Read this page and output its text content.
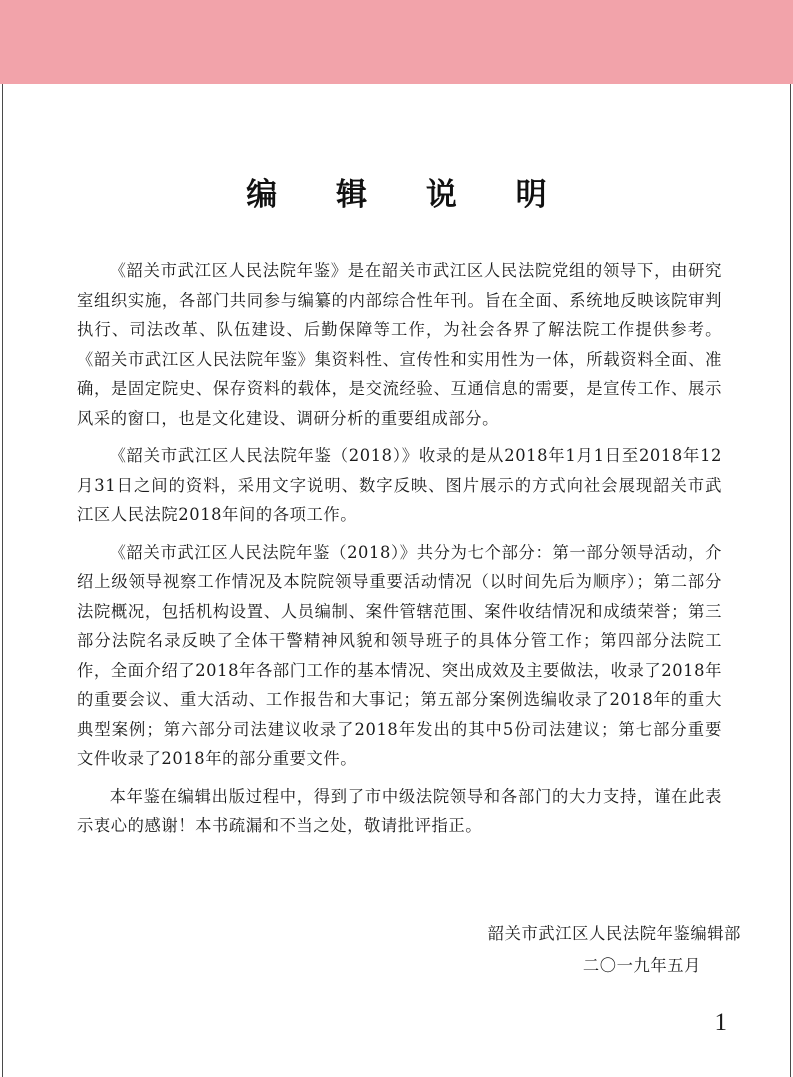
编 辑 说 明

《韶关市武江区人民法院年鉴》是在韶关市武江区人民法院党组的领导下，由研究室组织实施，各部门共同参与编纂的内部综合性年刊。旨在全面、系统地反映该院审判执行、司法改革、队伍建设、后勤保障等工作，为社会各界了解法院工作提供参考。《韶关市武江区人民法院年鉴》集资料性、宣传性和实用性为一体，所载资料全面、准确，是固定院史、保存资料的载体，是交流经验、互通信息的需要，是宣传工作、展示风采的窗口，也是文化建设、调研分析的重要组成部分。

《韶关市武江区人民法院年鉴（2018）》收录的是从2018年1月1日至2018年12月31日之间的资料，采用文字说明、数字反映、图片展示的方式向社会展现韶关市武江区人民法院2018年间的各项工作。

《韶关市武江区人民法院年鉴（2018）》共分为七个部分：第一部分领导活动，介绍上级领导视察工作情况及本院院领导重要活动情况（以时间先后为顺序）；第二部分法院概况，包括机构设置、人员编制、案件管辖范围、案件收结情况和成绩荣誉；第三部分法院名录反映了全体干警精神风貌和领导班子的具体分管工作；第四部分法院工作，全面介绍了2018年各部门工作的基本情况、突出成效及主要做法，收录了2018年的重要会议、重大活动、工作报告和大事记；第五部分案例选编收录了2018年的重大典型案例；第六部分司法建议收录了2018年发出的其中5份司法建议；第七部分重要文件收录了2018年的部分重要文件。

本年鉴在编辑出版过程中，得到了市中级法院领导和各部门的大力支持，谨在此表示衷心的感谢！本书疏漏和不当之处，敬请批评指正。

韶关市武江区人民法院年鉴编辑部
二〇一九年五月
1
